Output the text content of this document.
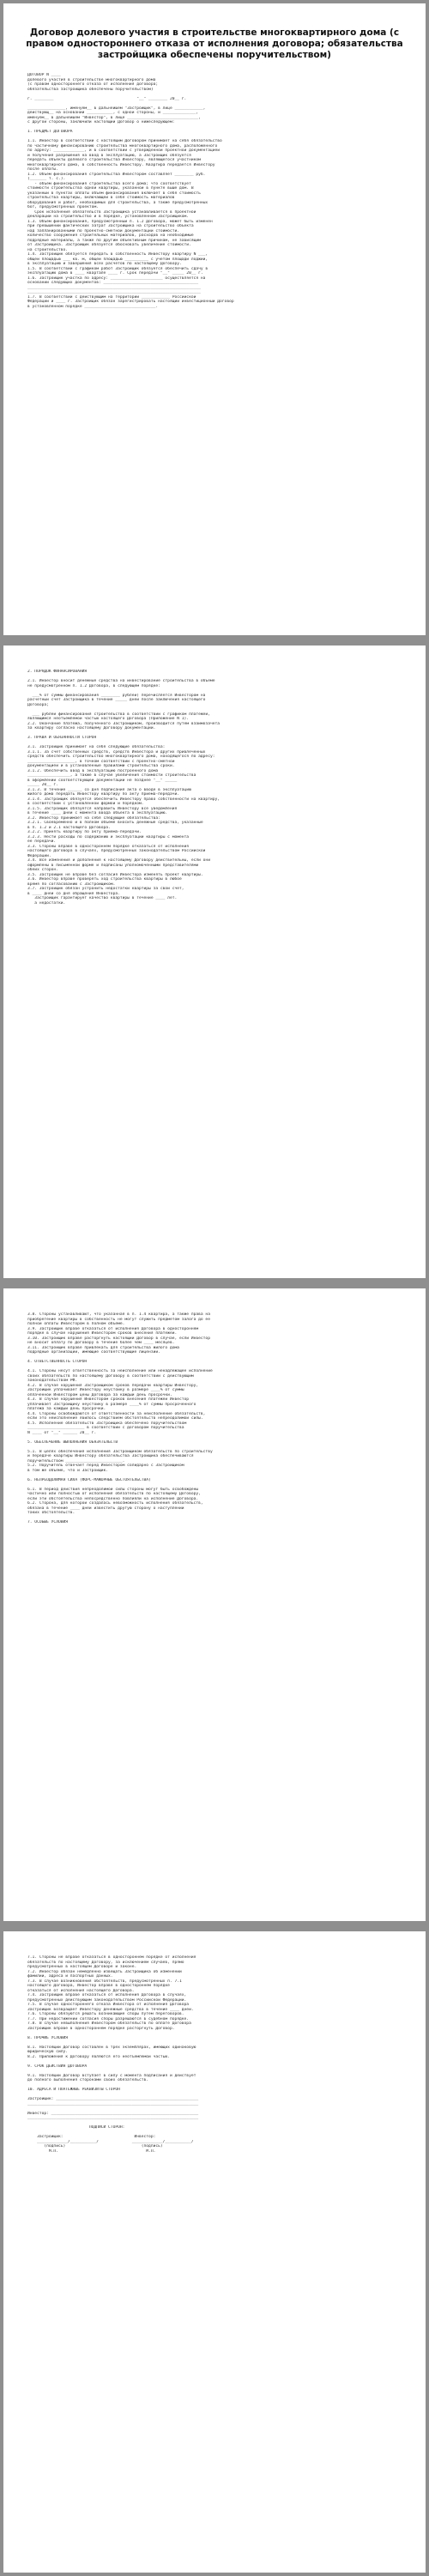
Договор долевого участия в строительстве многоквартирного дома (с правом одностороннего отказа от исполнения договора; обязательства застройщика обеспечены поручительством)
ДОГОВОР N ____
долевого участия в строительстве многоквартирного дома
(с правом одностороннего отказа от исполнения договора;
обязательства застройщика обеспечены поручительством)
г. ________                                   "__" ________ 20__ г.
________________, именуем__ в дальнейшем "Застройщик", в лице ____________,
действующ__ на основании ___________, с одной стороны, и ______________,
именуем__ в дальнейшем "Инвестор", в лице ______________________________,
с другой стороны, заключили настоящий Договор о нижеследующем:
1. ПРЕДМЕТ ДОГОВОРА
1.1. Инвестор в соответствии с настоящим Договором принимает на себя обязательство
по частичному финансированию строительства многоквартирного дома, расположенного
по адресу: _____________, и в соответствии с утвержденной проектной документацией
и получения разрешения на ввод в эксплуатацию, а Застройщик обязуется
передать объекты долевого строительства Инвестору, являющегося участником
многоквартирного дома, в собственность Инвестору. Квартира передается Инвестору
после оплаты.
1.2. Объем финансирования строительства Инвестором составляет ________ руб.
(_______ т. с.).
- объем финансирования строительства всего дома; что соответствует
стоимости строительства одной квартиры, указанной в пункте выше дом. В
указанный в пунктах оплаты объем финансирования включает в себя стоимость
строительства квартиры, включающей в себя стоимость материалов
оборудования и работ, необходимых для строительства, а также предусмотренных
бот, предусмотренных проектом.
Срок исполнения обязательств Застройщика устанавливается в проектной
декларации на строительство и в порядке, установленном Застройщиком.
1.3. Объем финансирования, предусмотренный п. 1.2 Договора, может быть изменен
при превышении фактических затрат Застройщика на строительство объекта
над запланированными по проектно-сметной документации стоимости.
количество сооружения строительных материалов, расходов на необходимые
подрядные материалы, а также по другим объективным причинам, не зависящим
от Застройщика. Застройщик обязуется обосновать увеличение стоимости.
на строительство.
1.4. Застройщик обязуется передать в собственность Инвестору квартиру N ___,
общей площадью ___ кв. м, общей площадью __________ с учетом площади лоджий,
в эксплуатацию и завершения всех расчетов по настоящему Договору.
1.5. В соответствии с графиком работ Застройщик обязуется обеспечить сдачу в
эксплуатацию дома в ____ квартале ____ г. Срок передачи "__" _____ 20__ г.
1.6. Застройщик участка по адресу: ______________________ осуществляется на
основании следующих документов: ________________________________________
_________________________________________________________________________
_________________________________________________________________________
1.7. В соответствии с действующим на территории ____________ Российской
Федерации и ____ г. Застройщик обязан зарегистрировать настоящий инвестиционный Договор
в установленном порядке ______________________________.
2. ПОРЯДОК ФИНАНСИРОВАНИЯ
2.1. Инвестор вносит денежные средства на инвестирование строительства в объеме
не предусмотренном п. 1.2 Договора, в следующем порядке:
___% от суммы финансирования ________ рублей) перечисляется Инвестором на
расчетный счет Застройщика в течение _____ дней после заключения настоящего
Договора;
___ рублей финансирования строительства в соответствии с графиком платежей,
являющимся неотъемлемой частью настоящего Договора (Приложение N 1).
2.2. Окончание платежа, полученного Застройщиком, производится путем взаимозачета
за квартиру согласно настоящему Договору документации.
3. ПРАВА И ОБЯЗАННОСТИ СТОРОН
3.1. Застройщик принимает на себя следующие обязательства:
3.1.1. За счет собственных средств, средств Инвестора и других привлеченных
средств обеспечить строительство многоквартирного дома, находящегося по адресу:
____________________, в точном соответствии с проектно-сметной
документацией и в установленные правилами строительства сроки.
3.1.2. Обеспечить ввод в эксплуатацию построенного дома
__________________, а также в случае увеличения стоимости строительства
в оформлении соответствующей документации не позднее "__" _____
_____ 20__ г.
3.1.3. В течение ______ со дня подписания акта о вводе в эксплуатацию
жилого дома передать Инвестору квартиру по акту приема-передачи.
3.1.4. Застройщик обязуется обеспечить Инвестору право собственности на квартиру,
в соответствии с установленной формой и порядком.
3.1.5. Застройщик обязуется направить Инвестору все уведомления
в течение ____ дней с момента ввода объекта в эксплуатацию.
3.2. Инвестор принимает на себя следующие обязательства:
3.2.1. Своевременно и в полном объеме вносить денежные средства, указанные
в п. 1.2 и 2.1 настоящего Договора.
3.2.2. Принять квартиру по акту приема-передачи.
3.2.3. Нести расходы по содержанию и эксплуатации квартиры с момента
ее передачи.
3.3. Стороны вправе в одностороннем порядке отказаться от исполнения
настоящего Договора в случаях, предусмотренных законодательством Российской
Федерации.
3.4. Все изменения и дополнения к настоящему Договору действительны, если они
оформлены в письменной форме и подписаны уполномоченными представителями
обеих сторон.
3.5. Застройщик не вправе без согласия Инвестора изменять проект квартиры.
3.6. Инвестор вправе проверять ход строительства квартиры в любое
время по согласованию с Застройщиком.
3.7. Застройщик обязан устранить недостатки квартиры за свой счет,
в ____ дней со дня обращения Инвестора.
Застройщик гарантирует качество квартиры в течение ____ лет.
а недостатки.
3.8. Стороны устанавливают, что указанная в п. 1.4 квартира, а также права на
приобретение квартиры в собственность не могут служить предметом залога до ее
полной оплаты Инвестором в полном объеме.
3.9. Застройщик вправе отказаться от исполнения Договора в одностороннем
порядке в случае нарушения Инвестором сроков внесения платежей.
3.10. Застройщик вправе расторгнуть настоящий Договор в случае, если Инвестор
не вносит оплату по Договору в течение более чем ____ месяцев.
3.11. Застройщик вправе привлекать для строительства жилого дома
подрядные организации, имеющие соответствующие лицензии.
4. ОТВЕТСТВЕННОСТЬ СТОРОН
4.1. Стороны несут ответственность за неисполнение или ненадлежащее исполнение
своих обязательств по настоящему Договору в соответствии с действующим
законодательством РФ.
4.2. В случае нарушения Застройщиком сроков передачи квартиры Инвестору,
Застройщик уплачивает Инвестору неустойку в размере ____% от суммы
оплаченной Инвестором цены Договора за каждый день просрочки.
4.3. В случае нарушения Инвестором сроков внесения платежей Инвестор
уплачивает Застройщику неустойку в размере ____% от суммы просроченного
платежа за каждый день просрочки.
4.4. Стороны освобождаются от ответственности за неисполнение обязательств,
если это неисполнение явилось следствием обстоятельств непреодолимой силы.
4.5. Исполнение обязательств Застройщика обеспечено поручительством
________________________ в соответствии с договором поручительства
N ____ от "__" ______ 20__ г.
5. ОБЕСПЕЧЕНИЕ ВЫПОЛНЕНИЯ ОБЯЗАТЕЛЬСТВ
5.1. В целях обеспечения исполнения Застройщиком обязательств по строительству
и передаче квартиры Инвестору обязательства Застройщика обеспечиваются
поручительством ________________________.
5.2. Поручитель отвечает перед Инвестором солидарно с Застройщиком
в том же объеме, что и Застройщик.
6. НЕПРЕОДОЛИМАЯ СИЛА (ФОРС-МАЖОРНЫЕ ОБСТОЯТЕЛЬСТВА)
6.1. В период действия непреодолимой силы стороны могут быть освобождены
частично или полностью от исполнения обязательств по настоящему Договору,
если эти обстоятельства непосредственно повлияли на исполнение Договора.
6.2. Сторона, для которой создалась невозможность исполнения обязательств,
обязана в течение ____ дней известить другую сторону о наступлении
таких обстоятельств.
7. ОСОБЫЕ УСЛОВИЯ
7.1. Стороны не вправе отказаться в одностороннем порядке от исполнения
обязательств по настоящему Договору, за исключением случаев, прямо
предусмотренных в настоящем Договоре и законе.
7.2. Инвестор обязан немедленно извещать Застройщика об изменении
фамилии, адреса и паспортных данных.
7.3. В случае возникновения обстоятельств, предусмотренных п. 7.1
настоящего Договора, Инвестор вправе в одностороннем порядке
отказаться от исполнения настоящего Договора.
7.4. Застройщик вправе отказаться от исполнения Договора в случаях,
предусмотренных действующим законодательством Российской Федерации.
7.5. В случае одностороннего отказа Инвестора от исполнения Договора
Застройщик возвращает Инвестору денежные средства в течение ____ дней.
7.6. Стороны обязуются решать возникающие споры путем переговоров.
7.7. При недостижении согласия споры разрешаются в судебном порядке.
7.8. В случае невыполнения Инвестором обязательств по оплате Договора
Застройщик вправе в одностороннем порядке расторгнуть Договор.
8. ПРОЧИЕ УСЛОВИЯ
8.1. Настоящий Договор составлен в трех экземплярах, имеющих одинаковую
юридическую силу.
8.2. Приложения к Договору являются его неотъемлемой частью.
9. СРОК ДЕЙСТВИЯ ДОГОВОРА
9.1. Настоящий Договор вступает в силу с момента подписания и действует
до полного выполнения сторонами своих обязательств.
10. АДРЕСА И ПЛАТЕЖНЫЕ РЕКВИЗИТЫ СТОРОН
Застройщик: ____________________________________________________________
________________________________________________________________________
Инвестор: ______________________________________________________________
________________________________________________________________________
ПОДПИСИ СТОРОН:
Застройщик:                              Инвестор:
_____________/___________/              _____________/___________/
(подпись)                                (подпись)
М.П.                                     М.П.
